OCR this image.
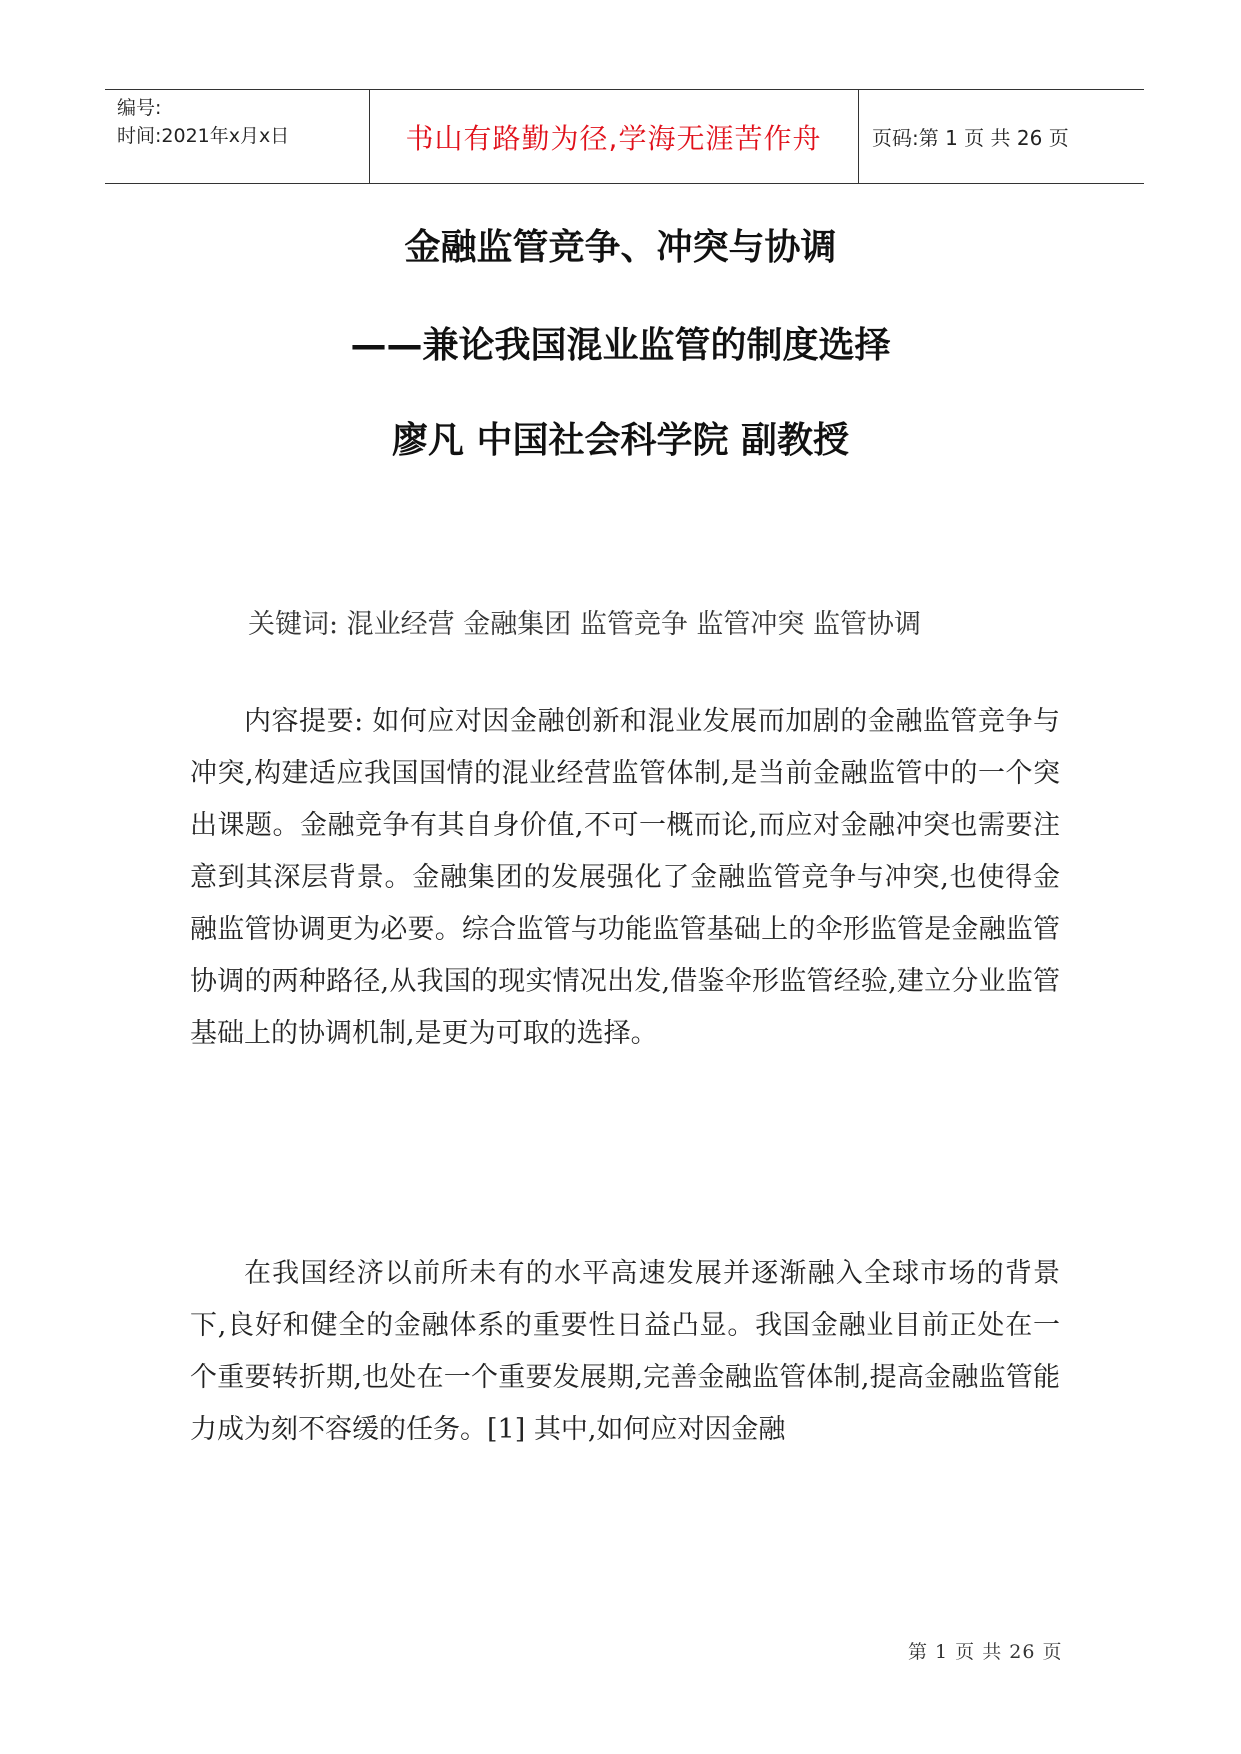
编号:
时间:2021年x月x日	书山有路勤为径,学海无涯苦作舟	页码:第 1 页 共 26 页
金融监管竞争、冲突与协调
——兼论我国混业监管的制度选择
廖凡 中国社会科学院 副教授
关键词: 混业经营 金融集团 监管竞争 监管冲突 监管协调
内容提要: 如何应对因金融创新和混业发展而加剧的金融监管竞争与冲突,构建适应我国国情的混业经营监管体制,是当前金融监管中的一个突出课题。金融竞争有其自身价值,不可一概而论,而应对金融冲突也需要注意到其深层背景。金融集团的发展强化了金融监管竞争与冲突,也使得金融监管协调更为必要。综合监管与功能监管基础上的伞形监管是金融监管协调的两种路径,从我国的现实情况出发,借鉴伞形监管经验,建立分业监管基础上的协调机制,是更为可取的选择。
在我国经济以前所未有的水平高速发展并逐渐融入全球市场的背景下,良好和健全的金融体系的重要性日益凸显。我国金融业目前正处在一个重要转折期,也处在一个重要发展期,完善金融监管体制,提高金融监管能力成为刻不容缓的任务。[1] 其中,如何应对因金融
第 1 页 共 26 页
